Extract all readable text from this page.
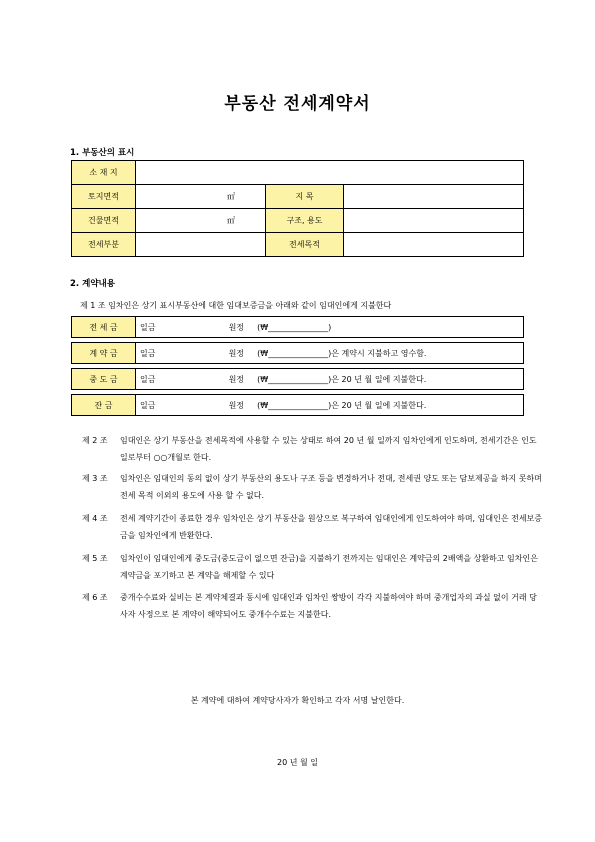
부동산 전세계약서
1. 부동산의 표시
소 재 지			
토지면적	㎡	지 목	
건물면적	㎡	구조, 용도	
전세부분		전세목적	
2. 계약내용
제 1 조 임차인은 상기 표시부동산에 대한 임대보증금을 아래와 같이 임대인에게 지불한다
전 세 금	일금	원정 (₩_______________)
계 약 금	일금	원정 (₩_______________)은 계약시 지불하고 영수함.
중 도 금	일금	원정 (₩_______________)은 20 년 월 일에 지불한다.
잔 금	일금	원정 (₩_______________)은 20 년 월 일에 지불한다.
제 2 조	임대인은 상기 부동산을 전세목적에 사용할 수 있는 상태로 하여 20 년 월 일까지 임차인에게 인도하며, 전세기간은 인도일로부터 ○○개월로 한다.
제 3 조	임차인은 임대인의 동의 없이 상기 부동산의 용도나 구조 등을 변경하거나 전대, 전세권 양도 또는 담보제공을 하지 못하며 전세 목적 이외의 용도에 사용 할 수 없다.
제 4 조	전세 계약기간이 종료한 경우 임차인은 상기 부동산을 원상으로 복구하여 임대인에게 인도하여야 하며, 임대인은 전세보증금을 임차인에게 반환한다.
제 5 조	임차인이 임대인에게 중도금(중도금이 없으면 잔금)을 지불하기 전까지는 임대인은 계약금의 2배액을 상환하고 임차인은 계약금을 포기하고 본 계약을 해제할 수 있다
제 6 조	중개수수료와 실비는 본 계약체결과 동시에 임대인과 임차인 쌍방이 각각 지불하여야 하며 중개업자의 과실 없이 거래 당사자 사정으로 본 계약이 해약되어도 중개수수료는 지불한다.
본 계약에 대하여 계약당사자가 확인하고 각자 서명 날인한다.
20 년 월 일
